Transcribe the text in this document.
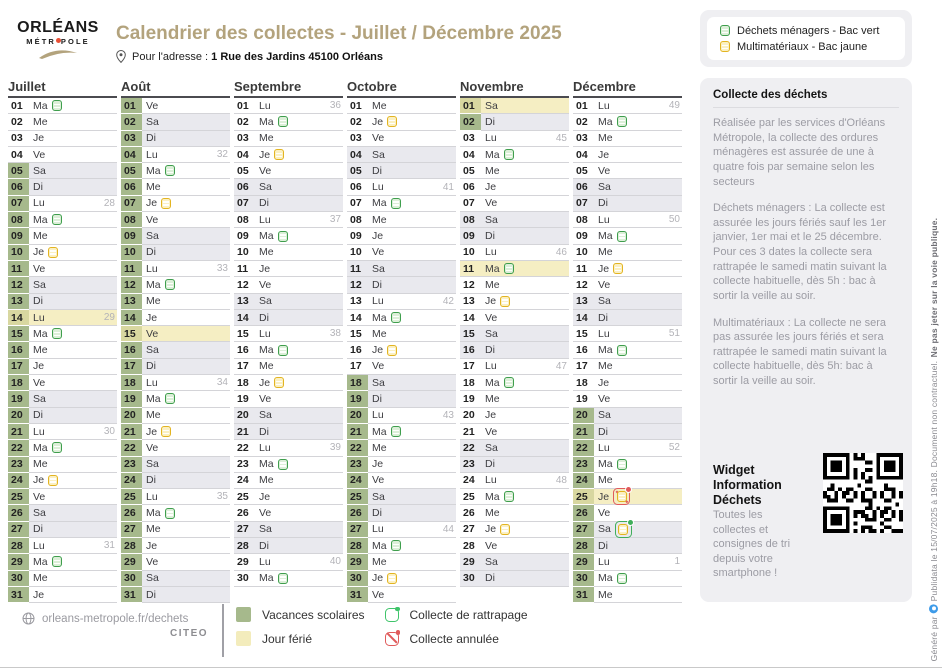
ORLÉANS
MÉTR POLE	Calendrier des collectes - Juillet / Décembre 2025
Pour l'adresse : 1 Rue des Jardins 45100 Orléans
Juillet
01 Ma
02 Me
03 Je
04 Ve
05 Sa
06 Di
07 Lu	28
08 Ma
09 Me
10 Je
11	Ve
12 Sa
13 Di
14 Lu	29
15 Ma
16 Me
17 Je
18 Ve
19 Sa
20 Di
21 Lu	30
22 Ma
23 Me
24 Je
25 Ve
26 Sa
27 Di
28 Lu	31
29 Ma
30 Me
31 Je
Août
01 Ve
02 Sa
03 Di
04 Lu	32
05 Ma
06 Me
07 Je
08 Ve
09 Sa
10 Di
11	Lu	33
12 Ma
13 Me
14 Je
15 Ve
16 Sa
17 Di
18 Lu	34
19 Ma
20 Me
21 Je
22 Ve
23 Sa
24 Di
25 Lu	35
26 Ma
27 Me
28 Je
29 Ve
30 Sa
31 Di
Septembre
01 Lu	36
02 Ma
03 Me
04 Je
05 Ve
06 Sa
07 Di
08 Lu	37
09 Ma
10 Me
11	Je
12 Ve
13 Sa
14 Di
15 Lu	38
16 Ma
17 Me
18 Je
19 Ve
20 Sa
21 Di
22 Lu	39
23 Ma
24 Me
25 Je
26 Ve
27 Sa
28 Di
29 Lu	40
30 Ma
Octobre
01 Me
02 Je
03 Ve
04 Sa
05 Di
06 Lu	41
07 Ma
08 Me
09 Je
10 Ve
11	Sa
12 Di
13 Lu	42
14 Ma
15 Me
16 Je
17 Ve
18 Sa
19 Di
20 Lu	43
21 Ma
22 Me
23 Je
24 Ve
25 Sa
26 Di
27 Lu	44
28 Ma
29 Me
30 Je
31 Ve
Novembre
01 Sa
02 Di
03 Lu	45
04 Ma
05 Me
06 Je
07 Ve
08 Sa
09 Di
10 Lu	46
11	Ma
12 Me
13 Je
14 Ve
15 Sa
16 Di
17 Lu	47
18 Ma
19 Me
20 Je
21 Ve
22 Sa
23 Di
24 Lu	48
25 Ma
26 Me
27 Je
28 Ve
29 Sa
30 Di
Décembre
01 Lu	49
02 Ma
03 Me
04 Je
05 Ve
06 Sa
07 Di
08 Lu	50
09 Ma
10 Me
11	Je
12 Ve
13 Sa
14 Di
15 Lu	51
16 Ma
17 Me
18 Je
19 Ve
20 Sa
21 Di
22 Lu	52
23 Ma
24 Me
25 Je
26 Ve
27 Sa
28 Di
29 Lu	1
30 Ma
31 Me
Déchets ménagers - Bac vert
Multimatériaux - Bac jaune
Collecte des déchets

Réalisée par les services d'Orléans Métropole, la collecte des ordures ménagères est assurée de une à quatre fois par semaine selon les secteurs

Déchets ménagers : La collecte est assurée les jours fériés sauf les 1er janvier, 1er mai et le 25 décembre. Pour ces 3 dates la collecte sera rattrapée le samedi matin suivant la collecte habituelle, dès 5h : bac à sortir la veille au soir.

Multimatériaux : La collecte ne sera pas assurée les jours fériés et sera rattrapée le samedi matin suivant la collecte habituelle, dès 5h: bac à sortir la veille au soir.

Widget Information Déchets

Toutes les collectes et consignes de tri depuis votre smartphone !

orleans-metropole.fr/dechets
CITEO
Vacances scolaires	Collecte de rattrapage
Jour férié	Collecte annulée	Généré par
Publidata
le 15/07/2025 à 19h18. Document non contractuel.
Ne pas jeter sur la voie publique.
